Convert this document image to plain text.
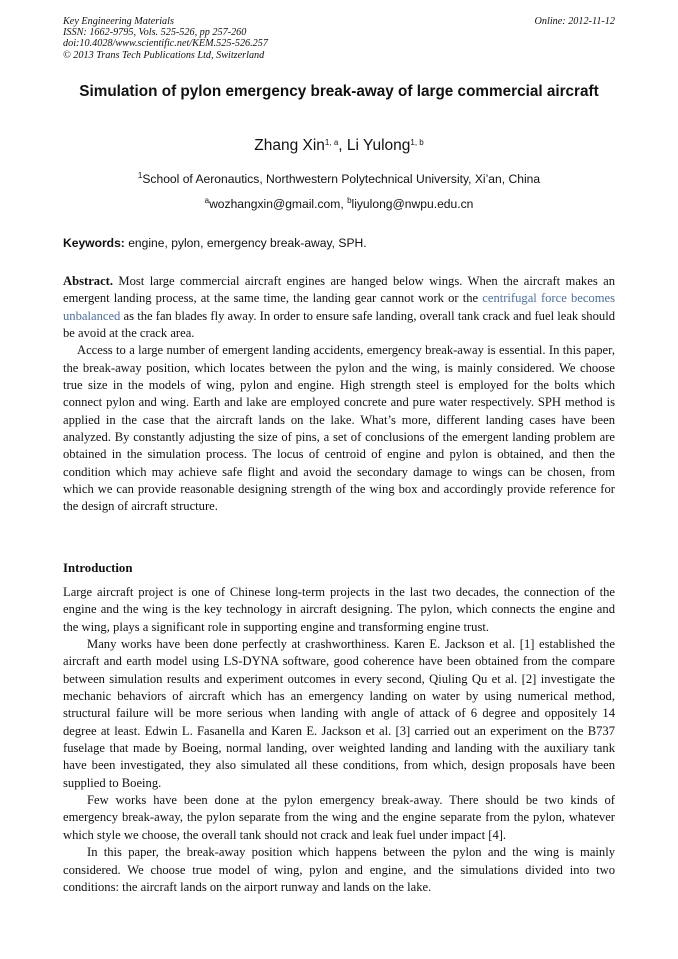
Key Engineering Materials
ISSN: 1662-9795, Vols. 525-526, pp 257-260
doi:10.4028/www.scientific.net/KEM.525-526.257
© 2013 Trans Tech Publications Ltd, Switzerland
Online: 2012-11-12
Simulation of pylon emergency break-away of large commercial aircraft
Zhang Xin$^{1, a}$, Li Yulong$^{1, b}$
$^1$School of Aeronautics, Northwestern Polytechnical University, Xi’an, China
$^a$wozhangxin@gmail.com, $^b$liyulong@nwpu.edu.cn
Keywords: engine, pylon, emergency break-away, SPH.

Abstract. Most large commercial aircraft engines are hanged below wings. When the aircraft makes an emergent landing process, at the same time, the landing gear cannot work or the centrifugal force becomes unbalanced as the fan blades fly away. In order to ensure safe landing, overall tank crack and fuel leak should be avoid at the crack area.

Access to a large number of emergent landing accidents, emergency break-away is essential. In this paper, the break-away position, which locates between the pylon and the wing, is mainly considered. We choose true size in the models of wing, pylon and engine. High strength steel is employed for the bolts which connect pylon and wing. Earth and lake are employed concrete and pure water respectively. SPH method is applied in the case that the aircraft lands on the lake. What’s more, different landing cases have been analyzed. By constantly adjusting the size of pins, a set of conclusions of the emergent landing problem are obtained in the simulation process. The locus of centroid of engine and pylon is obtained, and then the condition which may achieve safe flight and avoid the secondary damage to wings can be chosen, from which we can provide reasonable designing strength of the wing box and accordingly provide reference for the design of aircraft structure.

Introduction

Large aircraft project is one of Chinese long-term projects in the last two decades, the connection of the engine and the wing is the key technology in aircraft designing. The pylon, which connects the engine and the wing, plays a significant role in supporting engine and transforming engine trust.

Many works have been done perfectly at crashworthiness. Karen E. Jackson et al. [1] established the aircraft and earth model using LS-DYNA software, good coherence have been obtained from the compare between simulation results and experiment outcomes in every second, Qiuling Qu et al. [2] investigate the mechanic behaviors of aircraft which has an emergency landing on water by using numerical method, structural failure will be more serious when landing with angle of attack of 6 degree and oppositely 14 degree at least. Edwin L. Fasanella and Karen E. Jackson et al. [3] carried out an experiment on the B737 fuselage that made by Boeing, normal landing, over weighted landing and landing with the auxiliary tank have been investigated, they also simulated all these conditions, from which, design proposals have been supplied to Boeing.

Few works have been done at the pylon emergency break-away. There should be two kinds of emergency break-away, the pylon separate from the wing and the engine separate from the pylon, whatever which style we choose, the overall tank should not crack and leak fuel under impact [4].

In this paper, the break-away position which happens between the pylon and the wing is mainly considered. We choose true model of wing, pylon and engine, and the simulations divided into two conditions: the aircraft lands on the airport runway and lands on the lake.
